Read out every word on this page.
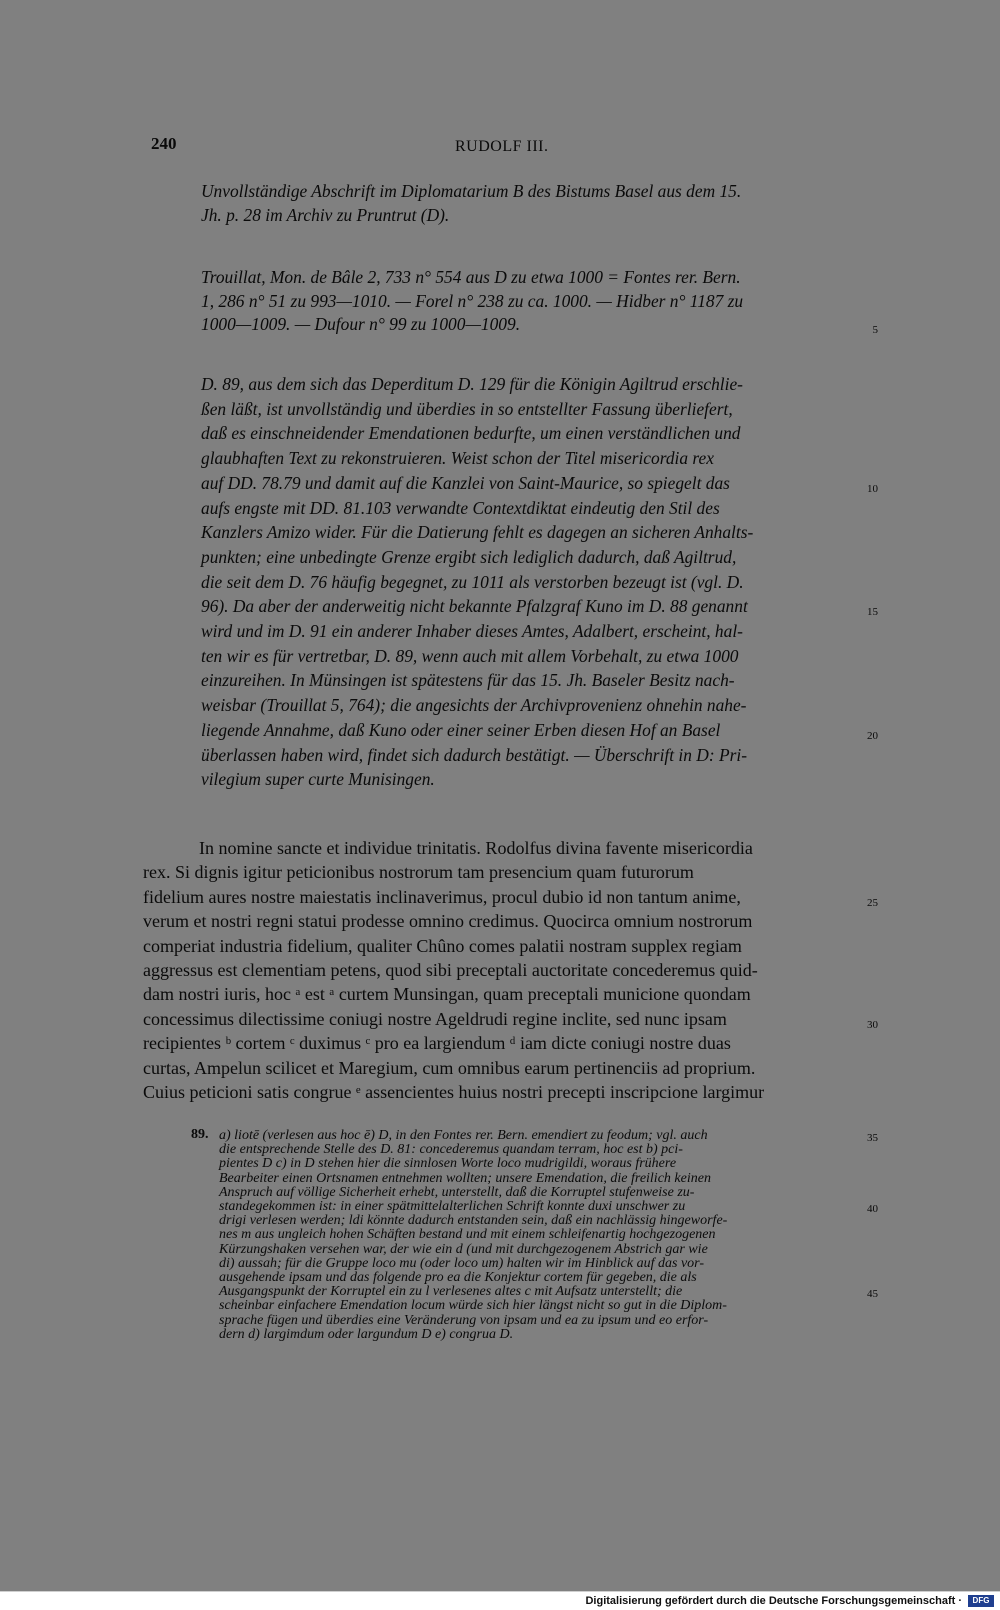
240	RUDOLF III.
Unvollständige Abschrift im Diplomatarium B des Bistums Basel aus dem 15.
Jh. p. 28 im Archiv zu Pruntrut (D).
Trouillat, Mon. de Bâle 2, 733 n° 554 aus D zu etwa 1000 = Fontes rer. Bern.
1, 286 n° 51 zu 993—1010. — Forel n° 238 zu ca. 1000. — Hidber n° 1187 zu
1000—1009. — Dufour n° 99 zu 1000—1009.	5
D. 89, aus dem sich das Deperditum D. 129 für die Königin Agiltrud erschlie-
ßen läßt, ist unvollständig und überdies in so entstellter Fassung überliefert,
daß es einschneidender Emendationen bedurfte, um einen verständlichen und
glaubhaften Text zu rekonstruieren. Weist schon der Titel misericordia rex
auf DD. 78.79 und damit auf die Kanzlei von Saint-Maurice, so spiegelt das	10
aufs engste mit DD. 81.103 verwandte Contextdiktat eindeutig den Stil des
Kanzlers Amizo wider. Für die Datierung fehlt es dagegen an sicheren Anhalts-
punkten; eine unbedingte Grenze ergibt sich lediglich dadurch, daß Agiltrud,
die seit dem D. 76 häufig begegnet, zu 1011 als verstorben bezeugt ist (vgl. D.
96). Da aber der anderweitig nicht bekannte Pfalzgraf Kuno im D. 88 genannt	15
wird und im D. 91 ein anderer Inhaber dieses Amtes, Adalbert, erscheint, hal-
ten wir es für vertretbar, D. 89, wenn auch mit allem Vorbehalt, zu etwa 1000
einzureihen. In Münsingen ist spätestens für das 15. Jh. Baseler Besitz nach-
weisbar (Trouillat 5, 764); die angesichts der Archivprovenienz ohnehin nahe-
liegende Annahme, daß Kuno oder einer seiner Erben diesen Hof an Basel	20
überlassen haben wird, findet sich dadurch bestätigt. — Überschrift in D: Pri-
vilegium super curte Munisingen.
In nomine sancte et individue trinitatis. Rodolfus divina favente misericordia
rex. Si dignis igitur peticionibus nostrorum tam presencium quam futurorum
fidelium aures nostre maiestatis inclinaverimus, procul dubio id non tantum anime,	25
verum et nostri regni statui prodesse omnino credimus. Quocirca omnium nostrorum
comperiat industria fidelium, qualiter Chûno comes palatii nostram supplex regiam
aggressus est clementiam petens, quod sibi preceptali auctoritate concederemus quid-
dam nostri iuris, hoc ᵃ est ᵃ curtem Munsingan, quam preceptali municione quondam
concessimus dilectissime coniugi nostre Ageldrudi regine inclite, sed nunc ipsam	30
recipientes ᵇ cortem ᶜ duximus ᶜ pro ea largiendum ᵈ iam dicte coniugi nostre duas
curtas, Ampelun scilicet et Maregium, cum omnibus earum pertinenciis ad proprium.
Cuius peticioni satis congrue ᵉ assencientes huius nostri precepti inscripcione largimur
89. a) liotē (verlesen aus hoc ē) D, in den Fontes rer. Bern. emendiert zu feodum; vgl. auch	35
die entsprechende Stelle des D. 81: concederemus quandam terram, hoc est b) pci-
pientes D c) in D stehen hier die sinnlosen Worte loco mudrigildi, woraus frühere
Bearbeiter einen Ortsnamen entnehmen wollten; unsere Emendation, die freilich keinen
Anspruch auf völlige Sicherheit erhebt, unterstellt, daß die Korruptel stufenweise zu-
standegekommen ist: in einer spätmittelalterlichen Schrift konnte duxi unschwer zu	40
drigi verlesen werden; ldi könnte dadurch entstanden sein, daß ein nachlässig hingeworfe-
nes m aus ungleich hohen Schäften bestand und mit einem schleifenartig hochgezogenen
Kürzungshaken versehen war, der wie ein d (und mit durchgezogenem Abstrich gar wie
di) aussah; für die Gruppe loco mu (oder loco um) halten wir im Hinblick auf das vor-
ausgehende ipsam und das folgende pro ea die Konjektur cortem für gegeben, die als
Ausgangspunkt der Korruptel ein zu l verlesenes altes c mit Aufsatz unterstellt; die	45
scheinbar einfachere Emendation locum würde sich hier längst nicht so gut in die Diplom-
sprache fügen und überdies eine Veränderung von ipsam und ea zu ipsum und eo erfor-
dern d) largimdum oder largundum D e) congrua D.
Digitalisierung gefördert durch die Deutsche Forschungsgemeinschaft ·	DFG
